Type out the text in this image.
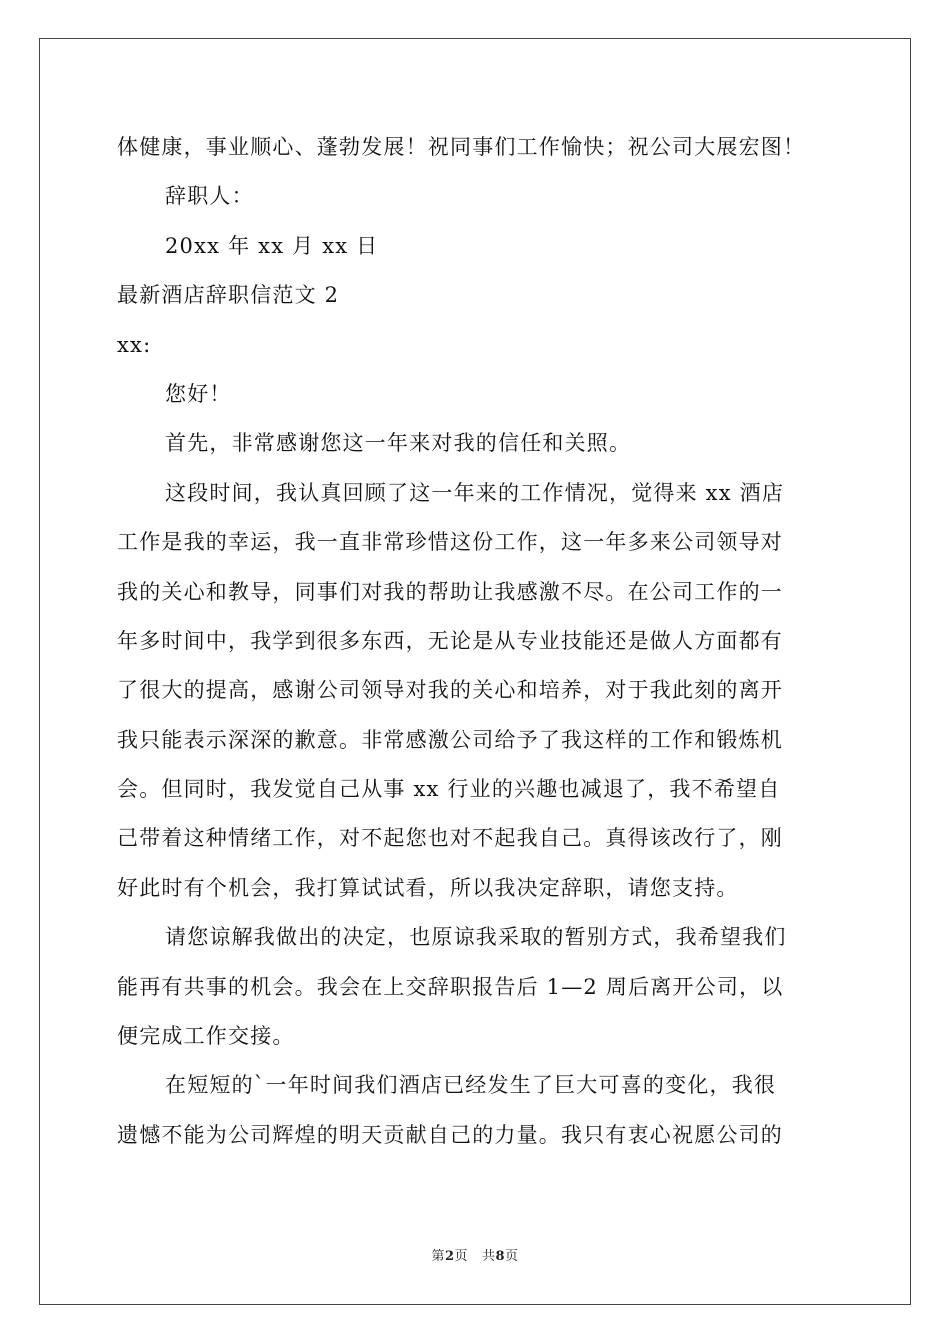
体健康，事业顺心、蓬勃发展！祝同事们工作愉快；祝公司大展宏图！
辞职人：
20xx 年 xx 月 xx 日
最新酒店辞职信范文 2
xx:
您好！
首先，非常感谢您这一年来对我的信任和关照。
这段时间，我认真回顾了这一年来的工作情况，觉得来 xx 酒店
工作是我的幸运，我一直非常珍惜这份工作，这一年多来公司领导对
我的关心和教导，同事们对我的帮助让我感激不尽。在公司工作的一
年多时间中，我学到很多东西，无论是从专业技能还是做人方面都有
了很大的提高，感谢公司领导对我的关心和培养，对于我此刻的离开
我只能表示深深的歉意。非常感激公司给予了我这样的工作和锻炼机
会。但同时，我发觉自己从事 xx 行业的兴趣也减退了，我不希望自
己带着这种情绪工作，对不起您也对不起我自己。真得该改行了，刚
好此时有个机会，我打算试试看，所以我决定辞职，请您支持。
请您谅解我做出的决定，也原谅我采取的暂别方式，我希望我们
能再有共事的机会。我会在上交辞职报告后 1—2 周后离开公司，以
便完成工作交接。
在短短的`一年时间我们酒店已经发生了巨大可喜的变化，我很
遗憾不能为公司辉煌的明天贡献自己的力量。我只有衷心祝愿公司的
第2页 共8页
